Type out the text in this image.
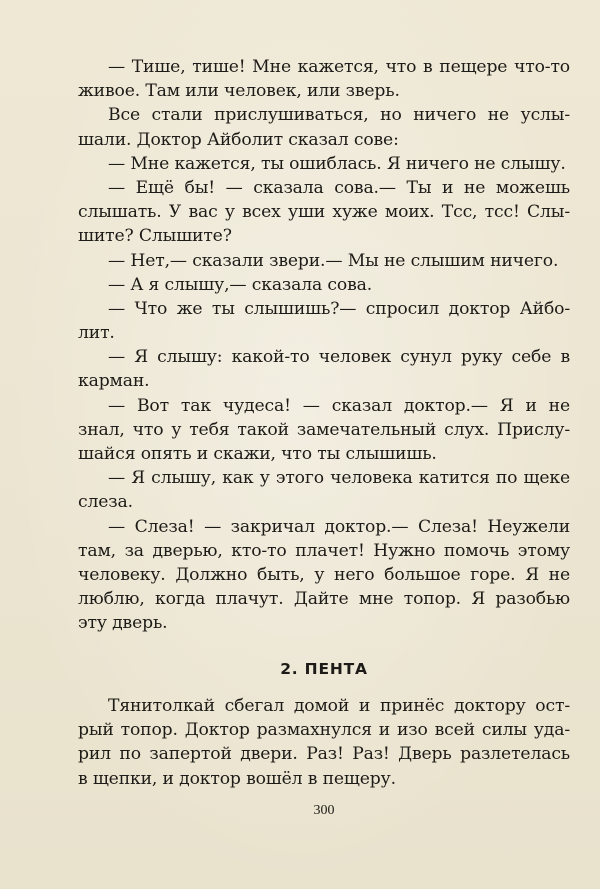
— Тише, тише! Мне кажется, что в пещере что-то
живое. Там или человек, или зверь.
Все стали прислушиваться, но ничего не услы-
шали. Доктор Айболит сказал сове:
— Мне кажется, ты ошиблась. Я ничего не слышу.
— Ещё бы! — сказала сова.— Ты и не можешь
слышать. У вас у всех уши хуже моих. Тсс, тсс! Слы-
шите? Слышите?
— Нет,— сказали звери.— Мы не слышим ничего.
— А я слышу,— сказала сова.
— Что же ты слышишь?— спросил доктор Айбо-
лит.
— Я слышу: какой-то человек сунул руку себе в
карман.
— Вот так чудеса! — сказал доктор.— Я и не
знал, что у тебя такой замечательный слух. Прислу-
шайся опять и скажи, что ты слышишь.
— Я слышу, как у этого человека катится по щеке
слеза.
— Слеза! — закричал доктор.— Слеза! Неужели
там, за дверью, кто-то плачет! Нужно помочь этому
человеку. Должно быть, у него большое горе. Я не
люблю, когда плачут. Дайте мне топор. Я разобью
эту дверь.
2. ПЕНТА
Тянитолкай сбегал домой и принёс доктору ост-
рый топор. Доктор размахнулся и изо всей силы уда-
рил по запертой двери. Раз! Раз! Дверь разлетелась
в щепки, и доктор вошёл в пещеру.
300
